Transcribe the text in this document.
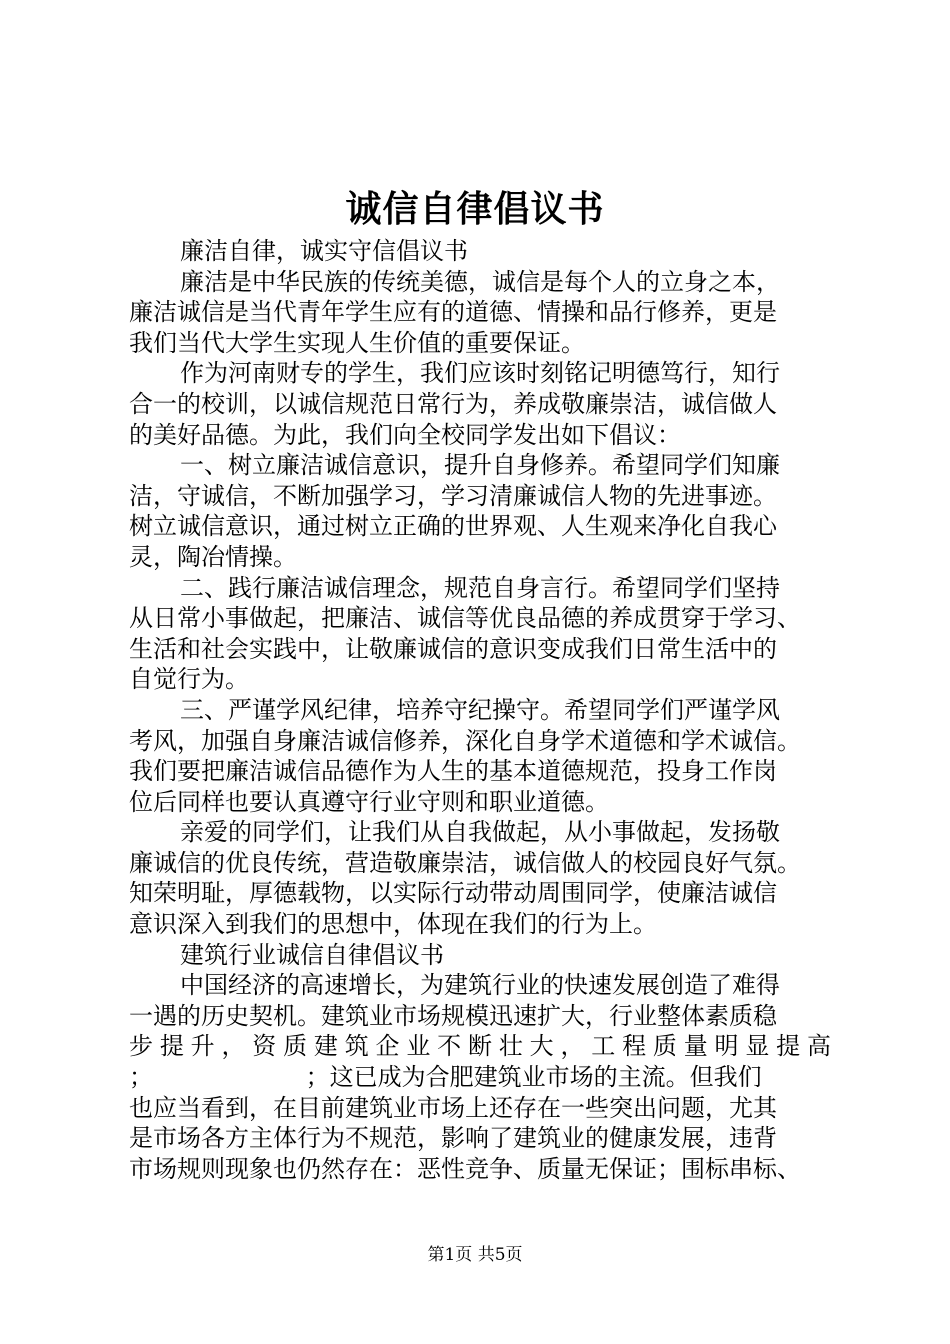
诚信自律倡议书
廉洁自律，诚实守信倡议书
廉洁是中华民族的传统美德，诚信是每个人的立身之本，
廉洁诚信是当代青年学生应有的道德、情操和品行修养，更是
我们当代大学生实现人生价值的重要保证。
作为河南财专的学生，我们应该时刻铭记明德笃行，知行
合一的校训，以诚信规范日常行为，养成敬廉崇洁，诚信做人
的美好品德。为此，我们向全校同学发出如下倡议：
一、树立廉洁诚信意识，提升自身修养。希望同学们知廉
洁，守诚信，不断加强学习，学习清廉诚信人物的先进事迹。
树立诚信意识，通过树立正确的世界观、人生观来净化自我心
灵，陶冶情操。
二、践行廉洁诚信理念，规范自身言行。希望同学们坚持
从日常小事做起，把廉洁、诚信等优良品德的养成贯穿于学习、
生活和社会实践中，让敬廉诚信的意识变成我们日常生活中的
自觉行为。
三、严谨学风纪律，培养守纪操守。希望同学们严谨学风
考风，加强自身廉洁诚信修养，深化自身学术道德和学术诚信。
我们要把廉洁诚信品德作为人生的基本道德规范，投身工作岗
位后同样也要认真遵守行业守则和职业道德。
亲爱的同学们，让我们从自我做起，从小事做起，发扬敬
廉诚信的优良传统，营造敬廉崇洁，诚信做人的校园良好气氛。
知荣明耻，厚德载物，以实际行动带动周围同学，使廉洁诚信
意识深入到我们的思想中，体现在我们的行为上。
建筑行业诚信自律倡议书
中国经济的高速增长，为建筑行业的快速发展创造了难得
一遇的历史契机。建筑业市场规模迅速扩大，行业整体素质稳
步提升，资质建筑企业不断壮大，工程质量明显提高
；                    ；这已成为合肥建筑业市场的主流。但我们
也应当看到，在目前建筑业市场上还存在一些突出问题，尤其
是市场各方主体行为不规范，影响了建筑业的健康发展，违背
市场规则现象也仍然存在：恶性竞争、质量无保证；围标串标、
第1页 共5页
